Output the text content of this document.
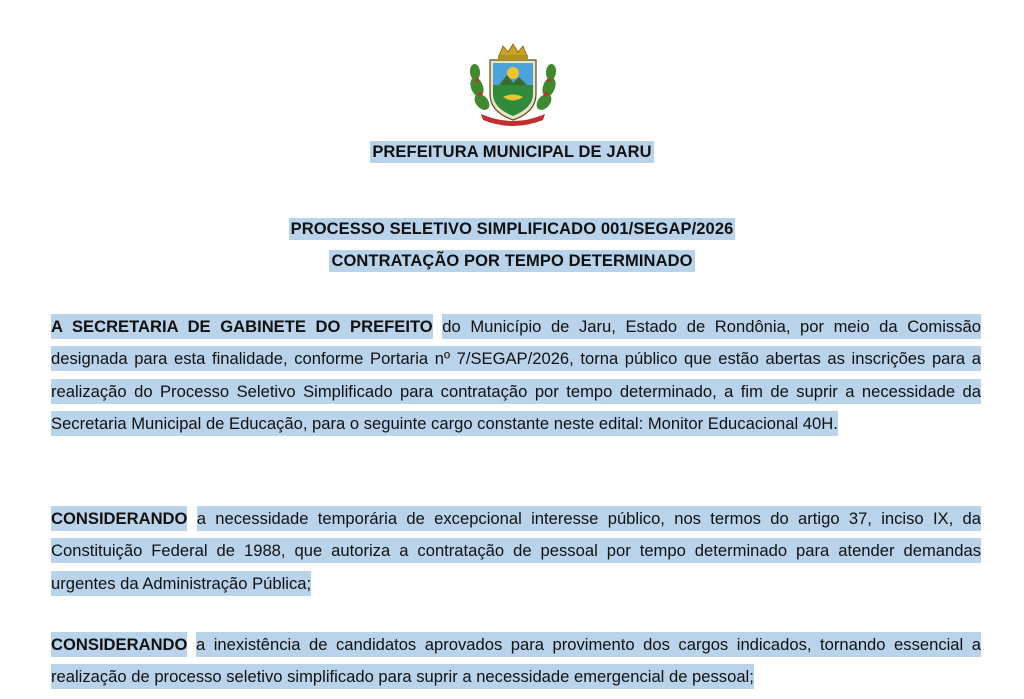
PREFEITURA MUNICIPAL DE JARU
PROCESSO SELETIVO SIMPLIFICADO 001/SEGAP/2026
CONTRATAÇÃO POR TEMPO DETERMINADO
A SECRETARIA DE GABINETE DO PREFEITO do Município de Jaru, Estado de Rondônia, por meio da Comissão designada para esta finalidade, conforme Portaria nº 7/SEGAP/2026, torna público que estão abertas as inscrições para a realização do Processo Seletivo Simplificado para contratação por tempo determinado, a fim de suprir a necessidade da Secretaria Municipal de Educação, para o seguinte cargo constante neste edital: Monitor Educacional 40H.
CONSIDERANDO a necessidade temporária de excepcional interesse público, nos termos do artigo 37, inciso IX, da Constituição Federal de 1988, que autoriza a contratação de pessoal por tempo determinado para atender demandas urgentes da Administração Pública;
CONSIDERANDO a inexistência de candidatos aprovados para provimento dos cargos indicados, tornando essencial a realização de processo seletivo simplificado para suprir a necessidade emergencial de pessoal;
